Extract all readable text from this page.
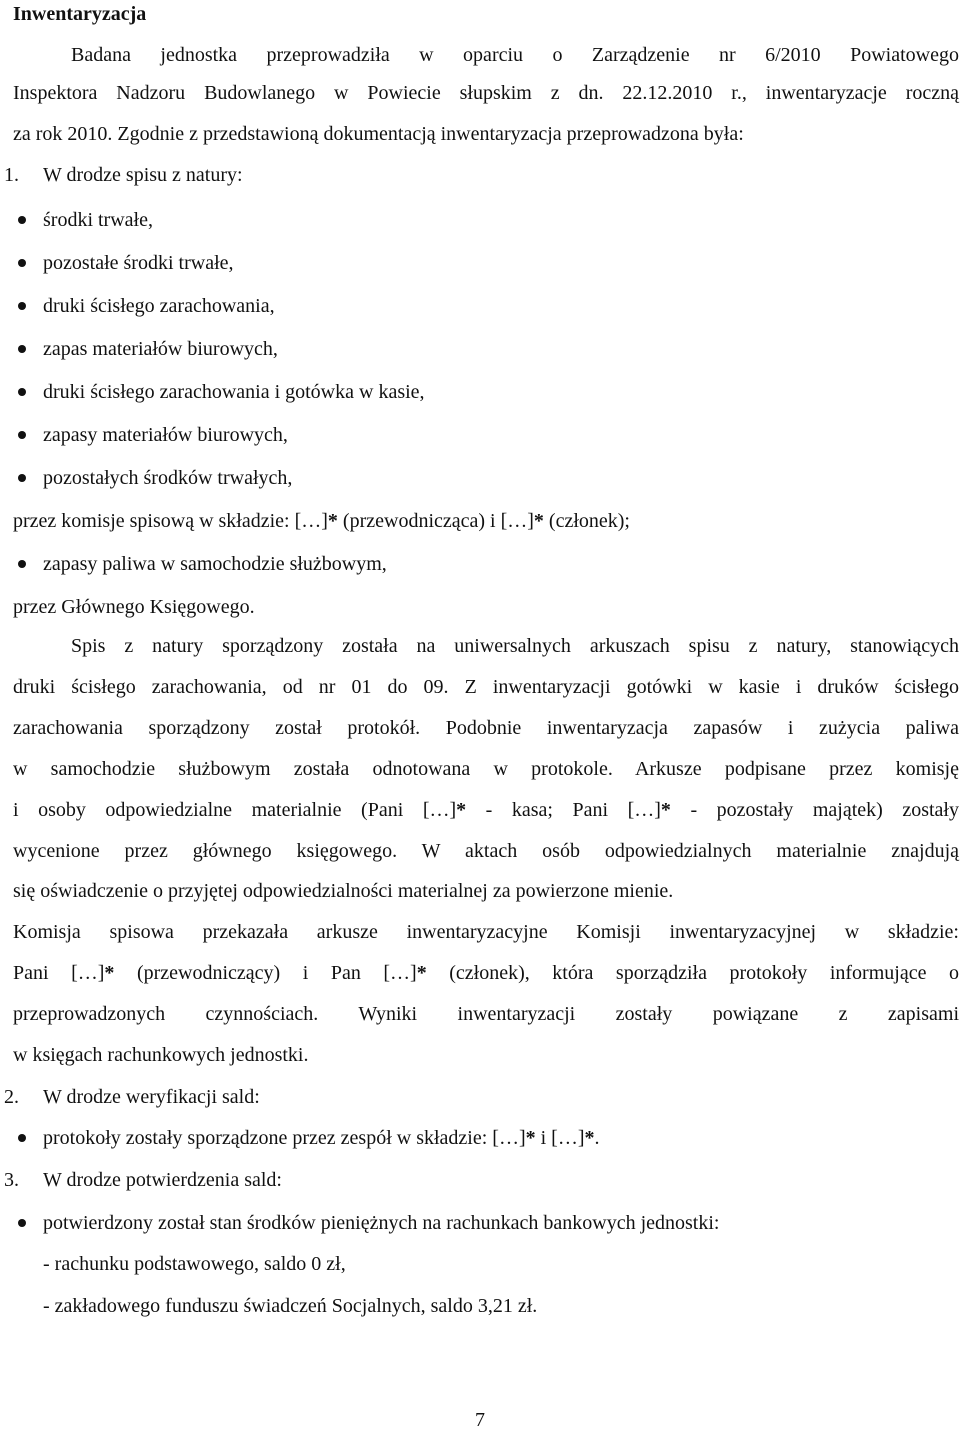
Inwentaryzacja
Badana jednostka przeprowadziła w oparciu o Zarządzenie nr 6/2010 Powiatowego
Inspektora Nadzoru Budowlanego w Powiecie słupskim z dn. 22.12.2010 r., inwentaryzacje roczną
za rok 2010. Zgodnie z przedstawioną dokumentacją inwentaryzacja przeprowadzona była:
1. W drodze spisu z natury:
środki trwałe,
pozostałe środki trwałe,
druki ścisłego zarachowania,
zapas materiałów biurowych,
druki ścisłego zarachowania i gotówka w kasie,
zapasy materiałów biurowych,
pozostałych środków trwałych,
przez komisje spisową w składzie: […]* (przewodnicząca) i […]* (członek);
zapasy paliwa w samochodzie służbowym,
przez Głównego Księgowego.
Spis z natury sporządzony została na uniwersalnych arkuszach spisu z natury, stanowiących
druki ścisłego zarachowania, od nr 01 do 09. Z inwentaryzacji gotówki w kasie i druków ścisłego
zarachowania sporządzony został protokół. Podobnie inwentaryzacja zapasów i zużycia paliwa
w samochodzie służbowym została odnotowana w protokole. Arkusze podpisane przez komisję
i osoby odpowiedzialne materialnie (Pani […]* - kasa; Pani […]* - pozostały majątek) zostały
wycenione przez głównego księgowego. W aktach osób odpowiedzialnych materialnie znajdują
się oświadczenie o przyjętej odpowiedzialności materialnej za powierzone mienie.
Komisja spisowa przekazała arkusze inwentaryzacyjne Komisji inwentaryzacyjnej w składzie:
Pani […]* (przewodniczący) i Pan […]* (członek), która sporządziła protokoły informujące o
przeprowadzonych czynnościach. Wyniki inwentaryzacji zostały powiązane z zapisami
w księgach rachunkowych jednostki.
2. W drodze weryfikacji sald:
protokoły zostały sporządzone przez zespół w składzie: […]* i […]*.
3. W drodze potwierdzenia sald:
potwierdzony został stan środków pieniężnych na rachunkach bankowych jednostki:
- rachunku podstawowego, saldo 0 zł,
- zakładowego funduszu świadczeń Socjalnych, saldo 3,21 zł.
7
